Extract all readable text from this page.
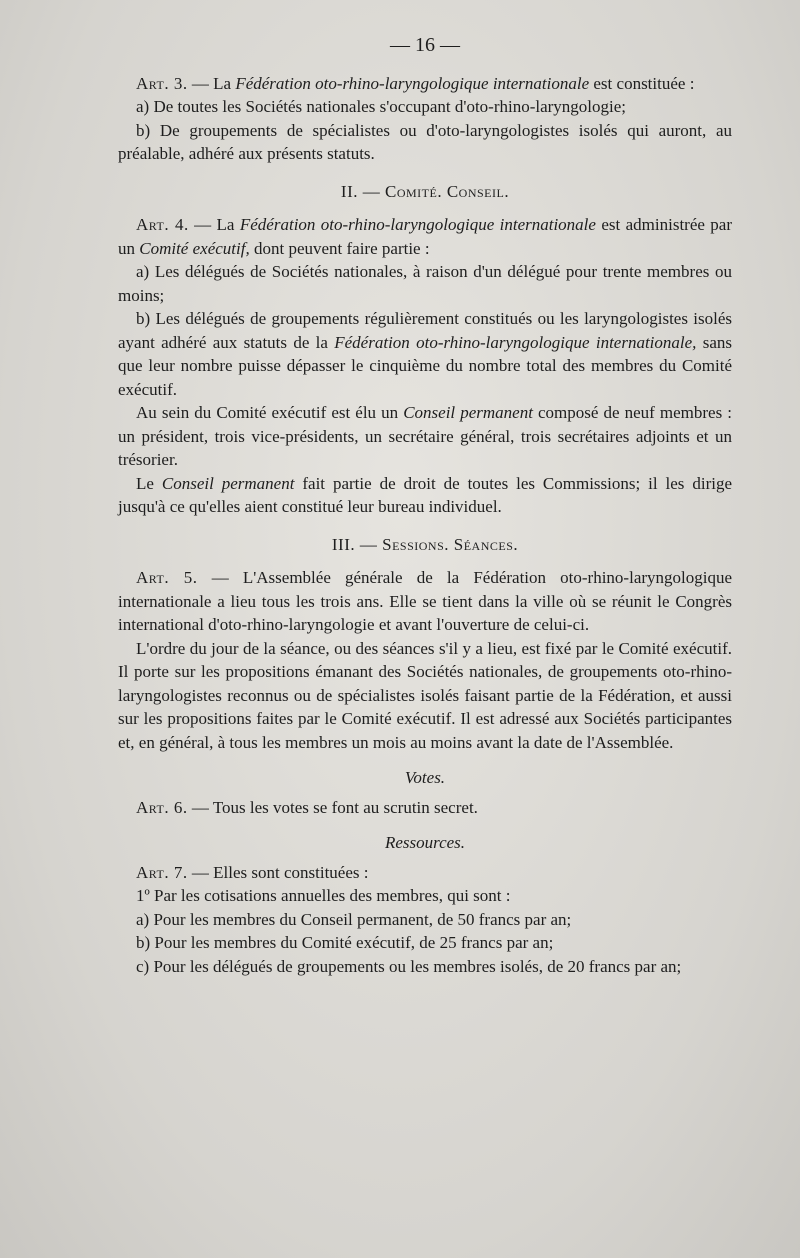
— 16 —

Art. 3. — La Fédération oto-rhino-laryngologique internationale est constituée :

a) De toutes les Sociétés nationales s'occupant d'oto-rhino-laryngologie;

b) De groupements de spécialistes ou d'oto-laryngologistes isolés qui auront, au préalable, adhéré aux présents statuts.

II. — Comité. Conseil.

Art. 4. — La Fédération oto-rhino-laryngologique internationale est administrée par un Comité exécutif, dont peuvent faire partie :

a) Les délégués de Sociétés nationales, à raison d'un délégué pour trente membres ou moins;

b) Les délégués de groupements régulièrement constitués ou les laryngologistes isolés ayant adhéré aux statuts de la Fédération oto-rhino-laryngologique internationale, sans que leur nombre puisse dépasser le cinquième du nombre total des membres du Comité exécutif.

Au sein du Comité exécutif est élu un Conseil permanent composé de neuf membres : un président, trois vice-présidents, un secrétaire général, trois secrétaires adjoints et un trésorier.

Le Conseil permanent fait partie de droit de toutes les Commissions; il les dirige jusqu'à ce qu'elles aient constitué leur bureau individuel.

III. — Sessions. Séances.

Art. 5. — L'Assemblée générale de la Fédération oto-rhino-laryngologique internationale a lieu tous les trois ans. Elle se tient dans la ville où se réunit le Congrès international d'oto-rhino-laryngologie et avant l'ouverture de celui-ci.

L'ordre du jour de la séance, ou des séances s'il y a lieu, est fixé par le Comité exécutif. Il porte sur les propositions émanant des Sociétés nationales, de groupements oto-rhino-laryngologistes reconnus ou de spécialistes isolés faisant partie de la Fédération, et aussi sur les propositions faites par le Comité exécutif. Il est adressé aux Sociétés participantes et, en général, à tous les membres un mois au moins avant la date de l'Assemblée.

Votes.

Art. 6. — Tous les votes se font au scrutin secret.

Ressources.

Art. 7. — Elles sont constituées :

1º Par les cotisations annuelles des membres, qui sont :

a) Pour les membres du Conseil permanent, de 50 francs par an;

b) Pour les membres du Comité exécutif, de 25 francs par an;

c) Pour les délégués de groupements ou les membres isolés, de 20 francs par an;
